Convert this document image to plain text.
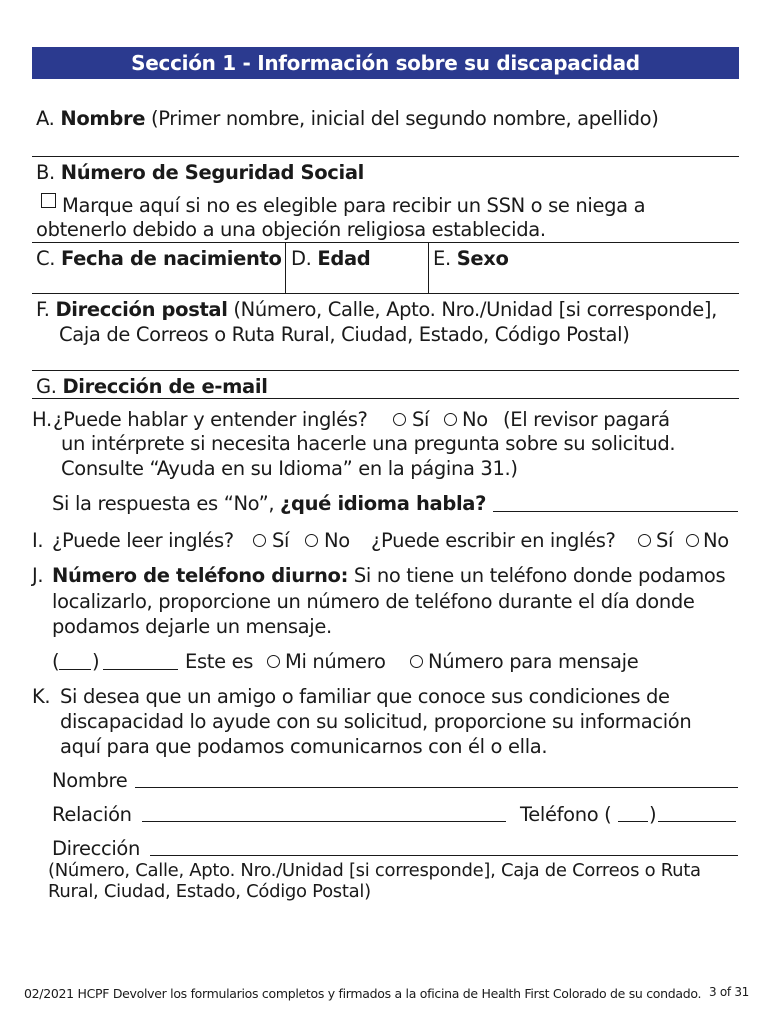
Sección 1 - Información sobre su discapacidad
A. Nombre (Primer nombre, inicial del segundo nombre, apellido)
B. Número de Seguridad Social
Marque aquí si no es elegible para recibir un SSN o se niega a
obtenerlo debido a una objeción religiosa establecida.
C. Fecha de nacimiento D. Edad	E. Sexo
F. Dirección postal (Número, Calle, Apto. Nro./Unidad [si corresponde],
Caja de Correos o Ruta Rural, Ciudad, Estado, Código Postal)
G. Dirección de e-mail
H. ¿Puede hablar y entender inglés? Sí No (El revisor pagará
un intérprete si necesita hacerle una pregunta sobre su solicitud.
Consulte “Ayuda en su Idioma” en la página 31.)
Si la respuesta es “No”, ¿qué idioma habla?
I. ¿Puede leer inglés? Sí No ¿Puede escribir en inglés? Sí No
J. Número de teléfono diurno: Si no tiene un teléfono donde podamos
localizarlo, proporcione un número de teléfono durante el día donde
podamos dejarle un mensaje.
( )	Este es Mi número Número para mensaje
K. Si desea que un amigo o familiar que conoce sus condiciones de
discapacidad lo ayude con su solicitud, proporcione su información
aquí para que podamos comunicarnos con él o ella.
Nombre
Relación	Teléfono ( )
Dirección
(Número, Calle, Apto. Nro./Unidad [si corresponde], Caja de Correos o Ruta
Rural, Ciudad, Estado, Código Postal)
02/2021 HCPF Devolver los formularios completos y firmados a la oficina de Health First Colorado de su condado. 3 of 31
